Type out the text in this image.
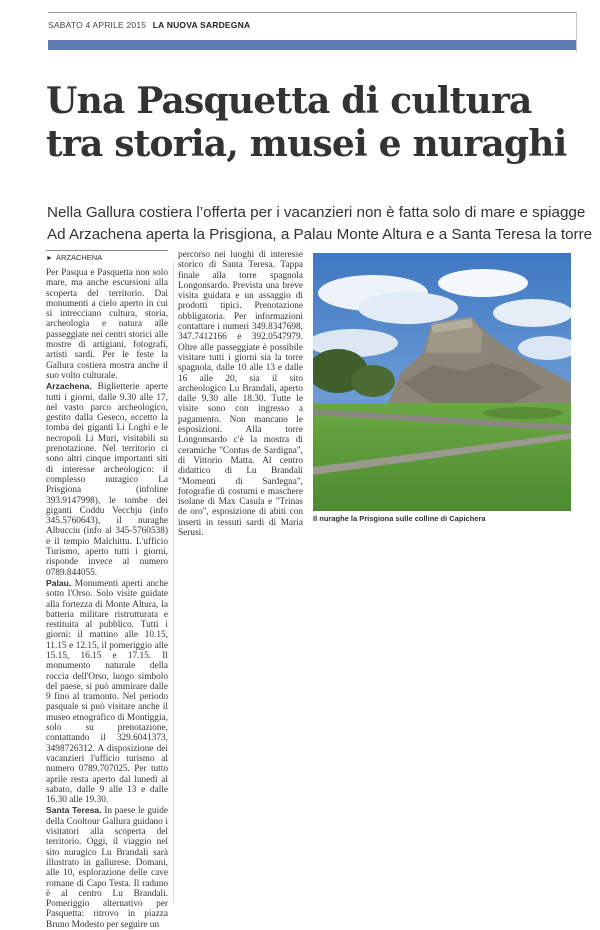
SABATO 4 APRILE 2015 LA NUOVA SARDEGNA
Una Pasquetta di cultura
tra storia, musei e nuraghi
Nella Gallura costiera l’offerta per i vacanzieri non è fatta solo di mare e spiagge
Ad Arzachena aperta la Prisgiona, a Palau Monte Altura e a Santa Teresa la torre
► ARZACHENA

Per Pasqua e Pasquetta non solo mare, ma anche escursioni alla scoperta del territorio. Dai monumenti a cielo aperto in cui si intrecciano cultura, storia, archeologia e natura alle passeggiate nei centri storici alle mostre di artigiani, fotografi, artisti sardi. Per le feste la Gallura costiera mostra anche il suo volto culturale.

Arzachena. Biglietterie aperte tutti i giorni, dalle 9.30 alle 17, nel vasto parco archeologico, gestito dalla Geseco, eccetto la tomba dei giganti Li Loghi e le necropoli Li Muri, visitabili su prenotazione. Nel territorio ci sono altri cinque importanti siti di interesse archeologico: il complesso nuragico La Prisgiona (infoline 393.9147998), le tombe dei giganti Coddu Vecchju (info 345.5760643), il nuraghe Albucciu (info al 345-5760538) e il tempio Malchittu. L'ufficio Turismo, aperto tutti i giorni, risponde invece al numero 0789.844055.

Palau. Monumenti aperti anche sotto l'Orso. Solo visite guidate alla fortezza di Monte Altura, la batteria militare ristrutturata e restituita al pubblico. Tutti i giorni: il mattino alle 10.15, 11.15 e 12.15, il pomeriggio alle 15.15, 16.15 e 17.15. Il monumento naturale della roccia dell'Orso, luogo simbolo del paese, si può ammirare dalle 9 fino al tramonto. Nel periodo pasquale si può visitare anche il museo etnografico di Montiggia, solo su prenotazione, contattando il 329.6041373, 3498726312. A disposizione dei vacanzieri l'ufficio turismo al numero 0789.707025. Per tutto aprile resta aperto dal lunedì al sabato, dalle 9 alle 13 e dalle 16.30 alle 19.30.

Santa Teresa. In paese le guide della Cooltour Gallura guidano i visitatori alla scoperta del territorio. Oggi, il viaggio nel sito nuragico Lu Brandali sarà illustrato in gallurese. Domani, alle 10, esplorazione delle cave romane di Capo Testa. Il raduno è al centro Lu Brandali. Pomeriggio alternativo per Pasquetta: ritrovo in piazza Bruno Modesto per seguire un

percorso nei luoghi di interesse storico di Santa Teresa. Tappa finale alla torre spagnola Longonsardo. Prevista una breve visita guidata e un assaggio di prodotti tipici. Prenotazione obbligatoria. Per informazioni contattare i numeri 349.8347698, 347.7412166 e 392.0547979. Oltre alle passeggiate è possibile visitare tutti i giorni sia la torre spagnola, dalle 10 alle 13 e dalle 16 alle 20, sia il sito archeologico Lu Brandali, aperto dalle 9.30 alle 18.30. Tutte le visite sono con ingresso a pagamento. Non mancano le esposizioni. Alla torre Longonsardo c'è la mostra di ceramiche "Contus de Sardigna", di Vittorio Matta. Al centro didattico di Lu Brandali "Momenti di Sardegna", fotografie di costumi e maschere isolane di Max Casula e "Trinas de oro", esposizione di abiti con inserti in tessuti sardi di Maria Serusi.

Il nuraghe la Prisgiona sulle colline di Capichera
